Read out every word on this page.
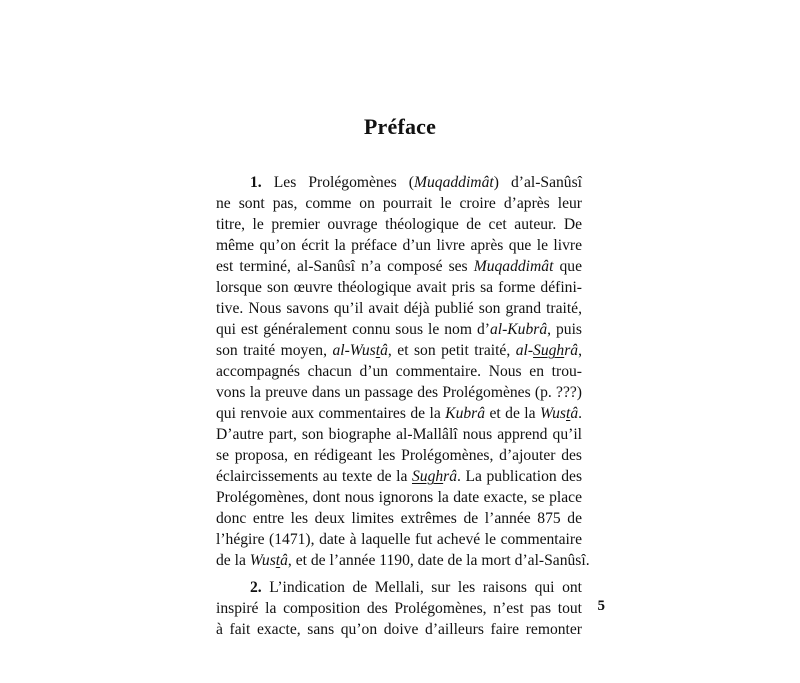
Préface
1. Les Prolégomènes (Muqaddimât) d’al-Sanûsî
ne sont pas, comme on pourrait le croire d’après leur
titre, le premier ouvrage théologique de cet auteur. De
même qu’on écrit la préface d’un livre après que le livre
est terminé, al-Sanûsî n’a composé ses Muqaddimât que
lorsque son œuvre théologique avait pris sa forme défini-
tive. Nous savons qu’il avait déjà publié son grand traité,
qui est généralement connu sous le nom d’al-Kubrâ, puis
son traité moyen, al-Wustâ, et son petit traité, al-Sughrâ,
accompagnés chacun d’un commentaire. Nous en trou-
vons la preuve dans un passage des Prolégomènes (p. ???)
qui renvoie aux commentaires de la Kubrâ et de la Wustâ.
D’autre part, son biographe al-Mallâlî nous apprend qu’il
se proposa, en rédigeant les Prolégomènes, d’ajouter des
éclaircissements au texte de la Sughrâ. La publication des
Prolégomènes, dont nous ignorons la date exacte, se place
donc entre les deux limites extrêmes de l’année 875 de
l’hégire (1471), date à laquelle fut achevé le commentaire
de la Wustâ, et de l’année 1190, date de la mort d’al-Sanûsî.
2. L’indication de Mellali, sur les raisons qui ont
inspiré la composition des Prolégomènes, n’est pas tout
à fait exacte, sans qu’on doive d’ailleurs faire remonter
5
